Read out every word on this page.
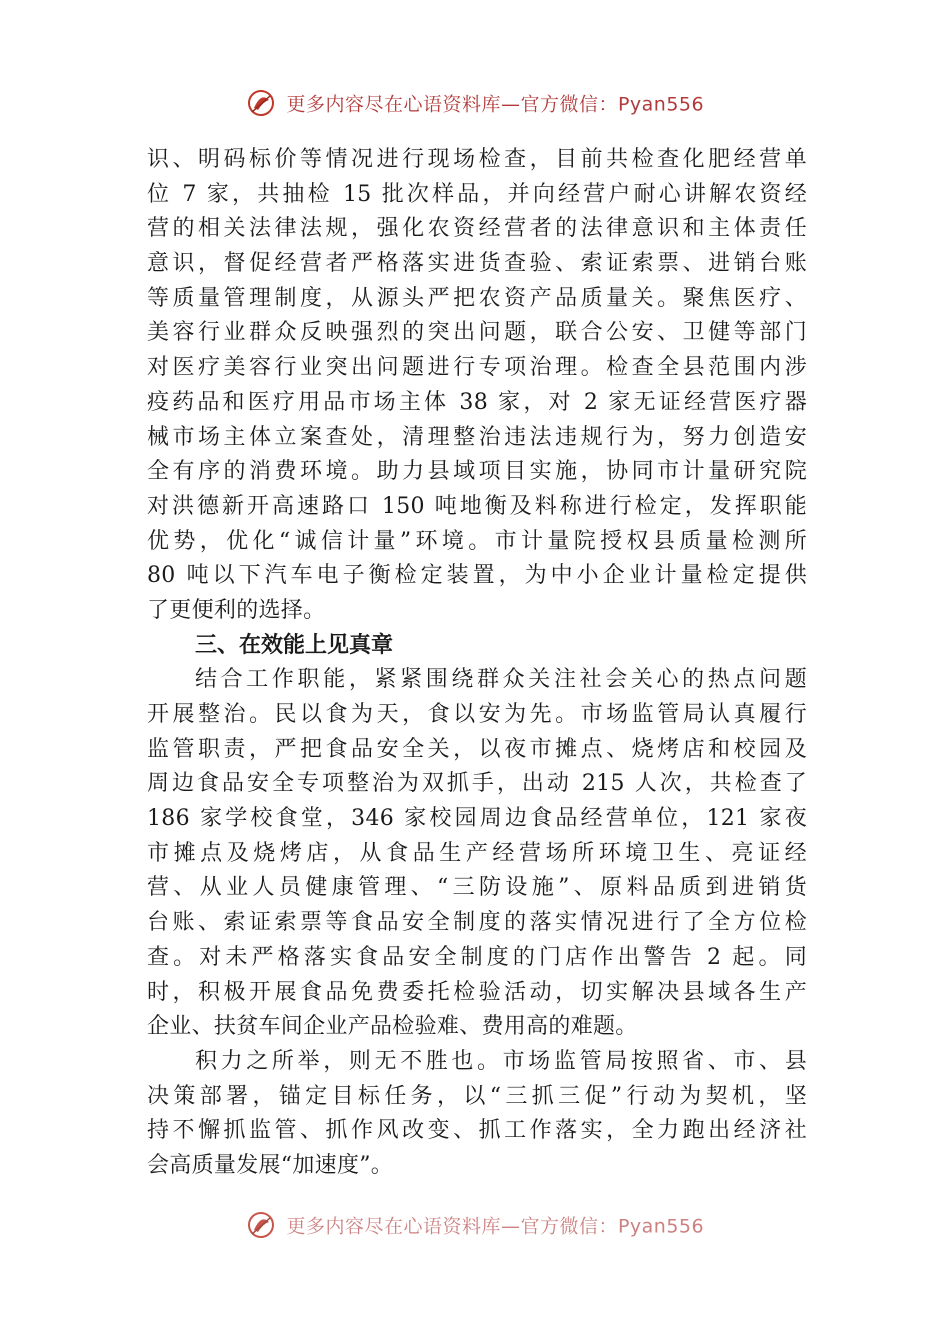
更多内容尽在心语资料库—官方微信：Pyan556
识、明码标价等情况进行现场检查，目前共检查化肥经营单
位 7 家，共抽检 15 批次样品，并向经营户耐心讲解农资经
营的相关法律法规，强化农资经营者的法律意识和主体责任
意识，督促经营者严格落实进货查验、索证索票、进销台账
等质量管理制度，从源头严把农资产品质量关。聚焦医疗、
美容行业群众反映强烈的突出问题，联合公安、卫健等部门
对医疗美容行业突出问题进行专项治理。检查全县范围内涉
疫药品和医疗用品市场主体 38 家，对 2 家无证经营医疗器
械市场主体立案查处，清理整治违法违规行为，努力创造安
全有序的消费环境。助力县域项目实施，协同市计量研究院
对洪德新开高速路口 150 吨地衡及料称进行检定，发挥职能
优势，优化“诚信计量”环境。市计量院授权县质量检测所
80 吨以下汽车电子衡检定装置，为中小企业计量检定提供
了更便利的选择。
三、在效能上见真章
结合工作职能，紧紧围绕群众关注社会关心的热点问题
开展整治。民以食为天，食以安为先。市场监管局认真履行
监管职责，严把食品安全关，以夜市摊点、烧烤店和校园及
周边食品安全专项整治为双抓手，出动 215 人次，共检查了
186 家学校食堂，346 家校园周边食品经营单位，121 家夜
市摊点及烧烤店，从食品生产经营场所环境卫生、亮证经
营、从业人员健康管理、“三防设施”、原料品质到进销货
台账、索证索票等食品安全制度的落实情况进行了全方位检
查。对未严格落实食品安全制度的门店作出警告 2 起。同
时，积极开展食品免费委托检验活动，切实解决县域各生产
企业、扶贫车间企业产品检验难、费用高的难题。
积力之所举，则无不胜也。市场监管局按照省、市、县
决策部署，锚定目标任务，以“三抓三促”行动为契机，坚
持不懈抓监管、抓作风改变、抓工作落实，全力跑出经济社
会高质量发展“加速度”。
更多内容尽在心语资料库—官方微信：Pyan556
